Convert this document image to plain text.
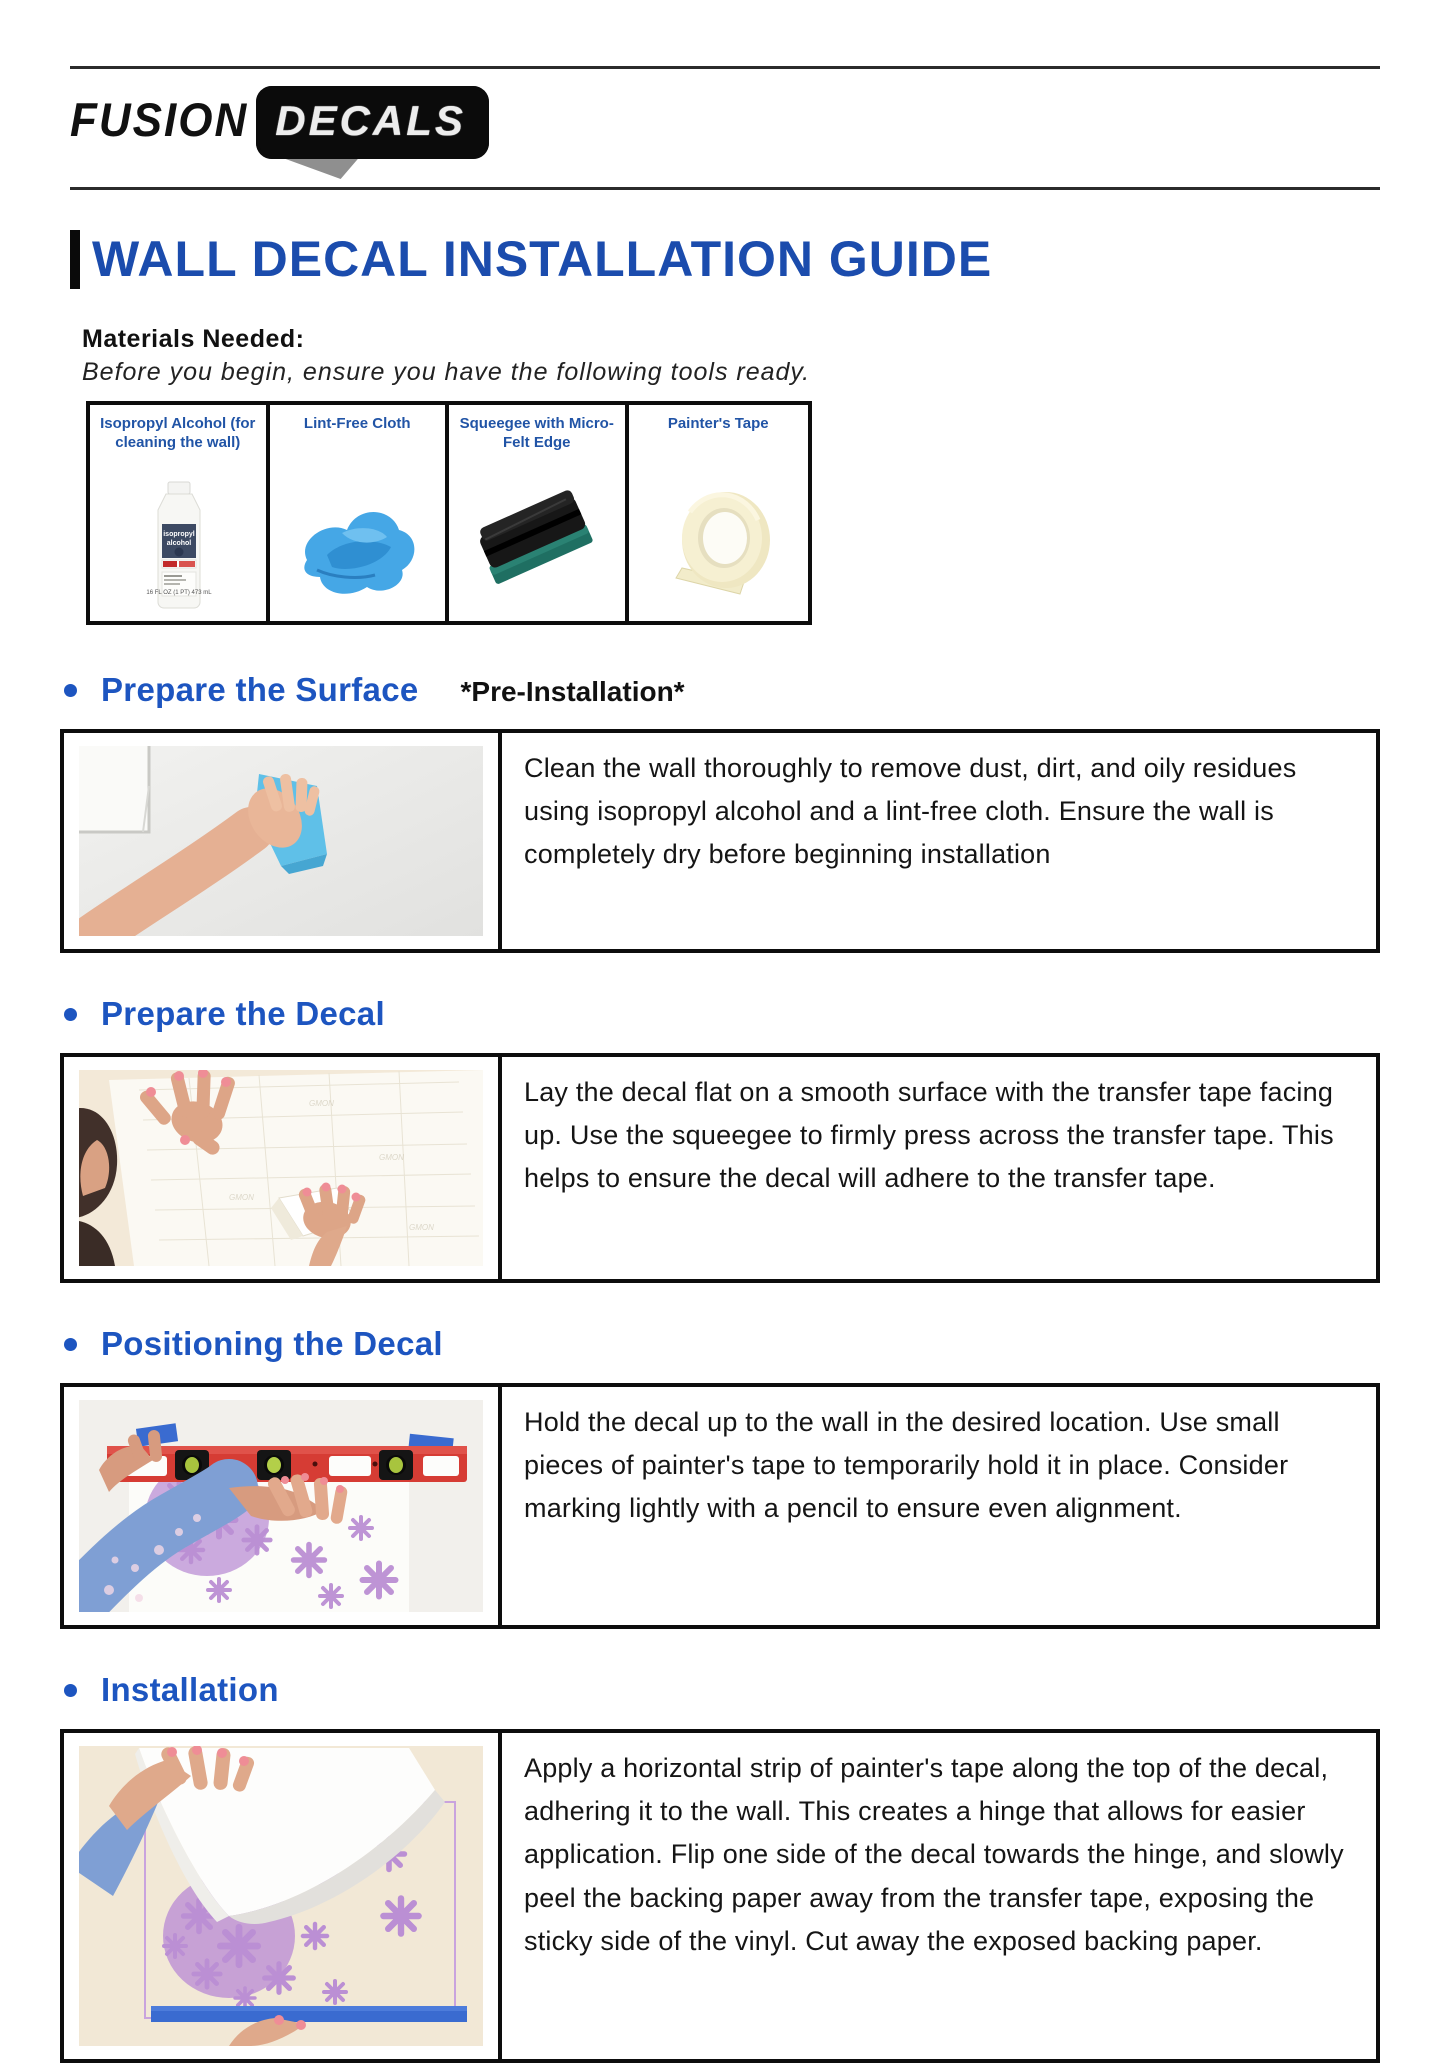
FUSION DECALS
WALL DECAL INSTALLATION GUIDE
Materials Needed:
Before you begin, ensure you have the following tools ready.
Isopropyl Alcohol (for cleaning the wall)
isopropyl
alcohol
16 FL OZ (1 PT) 473 mL
Lint-Free Cloth	Squeegee with Micro-Felt Edge
Painter's Tape
Prepare the Surface *Pre-Installation*
Clean the wall thoroughly to remove dust, dirt, and oily residues using isopropyl alcohol and a lint-free cloth. Ensure the wall is completely dry before beginning installation
Prepare the Decal
GMON
GMON
GMON
GMON
Lay the decal flat on a smooth surface with the transfer tape facing up. Use the squeegee to firmly press across the transfer tape. This helps to ensure the decal will adhere to the transfer tape.
Positioning the Decal
Hold the decal up to the wall in the desired location. Use small pieces of painter's tape to temporarily hold it in place. Consider marking lightly with a pencil to ensure even alignment.
Installation
Apply a horizontal strip of painter's tape along the top of the decal, adhering it to the wall. This creates a hinge that allows for easier application. Flip one side of the decal towards the hinge, and slowly peel the backing paper away from the transfer tape, exposing the sticky side of the vinyl. Cut away the exposed backing paper.
